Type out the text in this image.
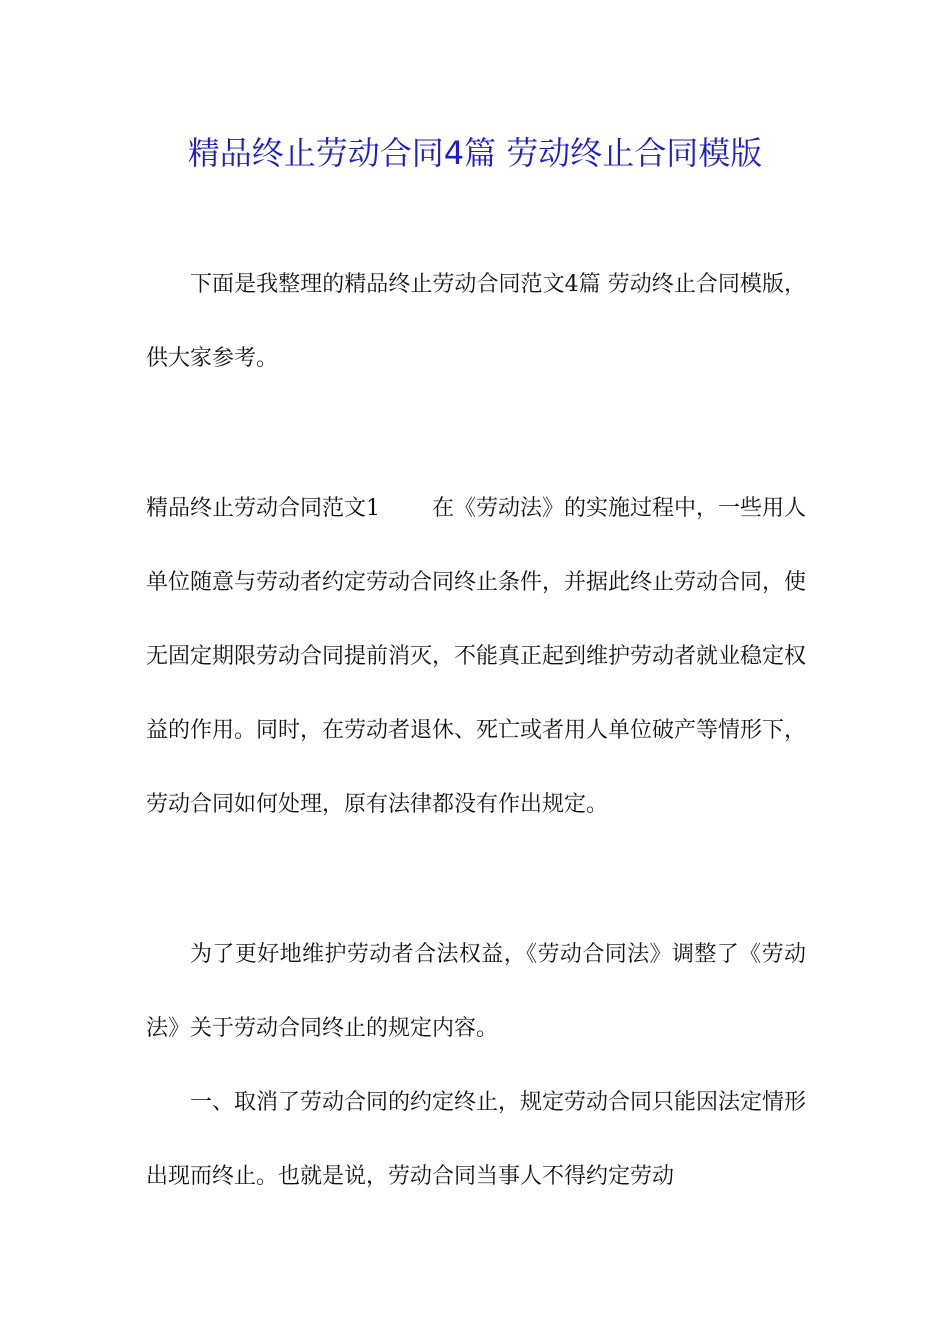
精品终止劳动合同4篇 劳动终止合同模版
下面是我整理的精品终止劳动合同范文4篇 劳动终止合同模版，供大家参考。
精品终止劳动合同范文1 在《劳动法》的实施过程中，一些用人单位随意与劳动者约定劳动合同终止条件，并据此终止劳动合同，使无固定期限劳动合同提前消灭，不能真正起到维护劳动者就业稳定权益的作用。同时，在劳动者退休、死亡或者用人单位破产等情形下，劳动合同如何处理，原有法律都没有作出规定。
为了更好地维护劳动者合法权益，《劳动合同法》调整了《劳动法》关于劳动合同终止的规定内容。
一、取消了劳动合同的约定终止，规定劳动合同只能因法定情形出现而终止。也就是说，劳动合同当事人不得约定劳动
